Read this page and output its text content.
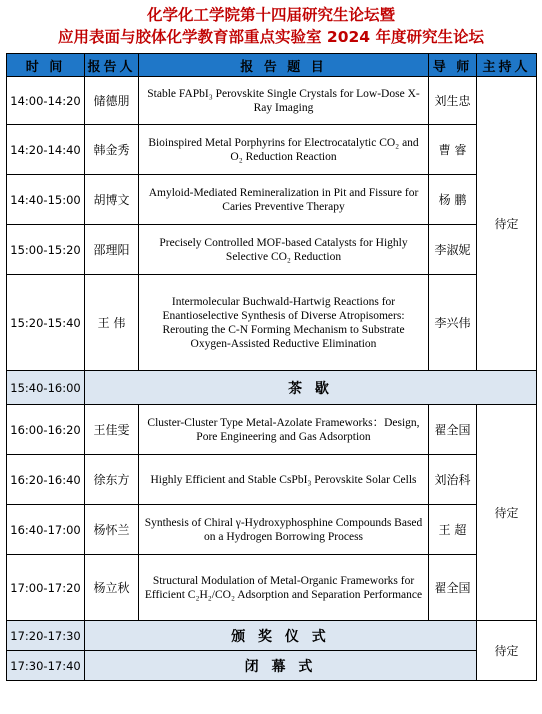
化学化工学院第十四届研究生论坛暨
应用表面与胶体化学教育部重点实验室 2024 年度研究生论坛
时 间	报告人	报 告 题 目	导 师	主持人
14:00-14:20	储德朋	Stable FAPbI₃ Perovskite Single Crystals for Low-Dose X-Ray Imaging	刘生忠	待定
14:20-14:40	韩金秀	Bioinspired Metal Porphyrins for Electrocatalytic CO₂ and O₂ Reduction Reaction	曹 睿	
14:40-15:00	胡博文	Amyloid-Mediated Remineralization in Pit and Fissure for Caries Preventive Therapy	杨 鹏	
15:00-15:20	邵理阳	Precisely Controlled MOF-based Catalysts for Highly Selective CO₂ Reduction	李淑妮	
15:20-15:40	王 伟	Intermolecular Buchwald-Hartwig Reactions for Enantioselective Synthesis of Diverse Atropisomers: Rerouting the C-N Forming Mechanism to Substrate Oxygen-Assisted Reductive Elimination	李兴伟	
15:40-16:00	茶 歇			
16:00-16:20	王佳雯	Cluster-Cluster Type Metal-Azolate Frameworks：Design, Pore Engineering and Gas Adsorption	翟全国	待定
16:20-16:40	徐东方	Highly Efficient and Stable CsPbI₃ Perovskite Solar Cells	刘治科	
16:40-17:00	杨怀兰	Synthesis of Chiral γ-Hydroxyphosphine Compounds Based on a Hydrogen Borrowing Process	王 超	
17:00-17:20	杨立秋	Structural Modulation of Metal-Organic Frameworks for Efficient C₂H₂/CO₂ Adsorption and Separation Performance	翟全国	
17:20-17:30	颁 奖 仪 式			待定
17:30-17:40	闭 幕 式			
